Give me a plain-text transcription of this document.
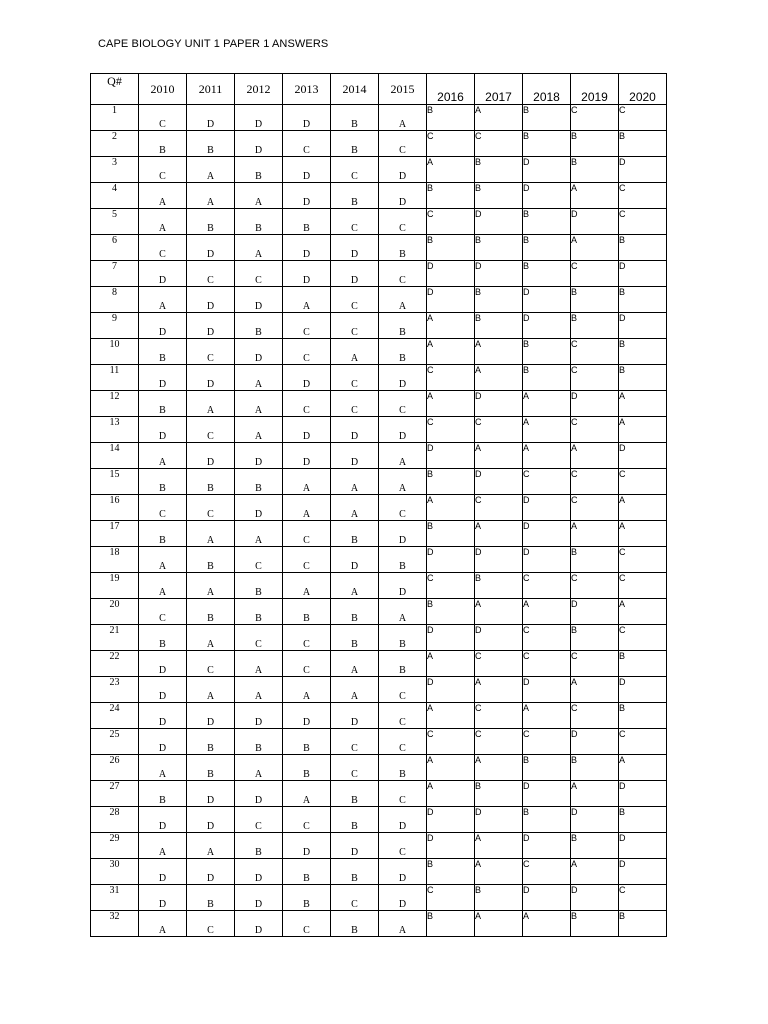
CAPE BIOLOGY UNIT 1 PAPER 1 ANSWERS
Q#	2010	2011	2012	2013	2014	2015	2016	2017	2018	2019	2020
1	C	D	D	D	B	A	B	A	B	C	C
2	B	B	D	C	B	C	C	C	B	B	B
3	C	A	B	D	C	D	A	B	D	B	D
4	A	A	A	D	B	D	B	B	D	A	C
5	A	B	B	B	C	C	C	D	B	D	C
6	C	D	A	D	D	B	B	B	B	A	B
7	D	C	C	D	D	C	D	D	B	C	D
8	A	D	D	A	C	A	D	B	D	B	B
9	D	D	B	C	C	B	A	B	D	B	D
10	B	C	D	C	A	B	A	A	B	C	B
11	D	D	A	D	C	D	C	A	B	C	B
12	B	A	A	C	C	C	A	D	A	D	A
13	D	C	A	D	D	D	C	C	A	C	A
14	A	D	D	D	D	A	D	A	A	A	D
15	B	B	B	A	A	A	B	D	C	C	C
16	C	C	D	A	A	C	A	C	D	C	A
17	B	A	A	C	B	D	B	A	D	A	A
18	A	B	C	C	D	B	D	D	D	B	C
19	A	A	B	A	A	D	C	B	C	C	C
20	C	B	B	B	B	A	B	A	A	D	A
21	B	A	C	C	B	B	D	D	C	B	C
22	D	C	A	C	A	B	A	C	C	C	B
23	D	A	A	A	A	C	D	A	D	A	D
24	D	D	D	D	D	C	A	C	A	C	B
25	D	B	B	B	C	C	C	C	C	D	C
26	A	B	A	B	C	B	A	A	B	B	A
27	B	D	D	A	B	C	A	B	D	A	D
28	D	D	C	C	B	D	D	D	B	D	B
29	A	A	B	D	D	C	D	A	D	B	D
30	D	D	D	B	B	D	B	A	C	A	D
31	D	B	D	B	C	D	C	B	D	D	C
32	A	C	D	C	B	A	B	A	A	B	B
